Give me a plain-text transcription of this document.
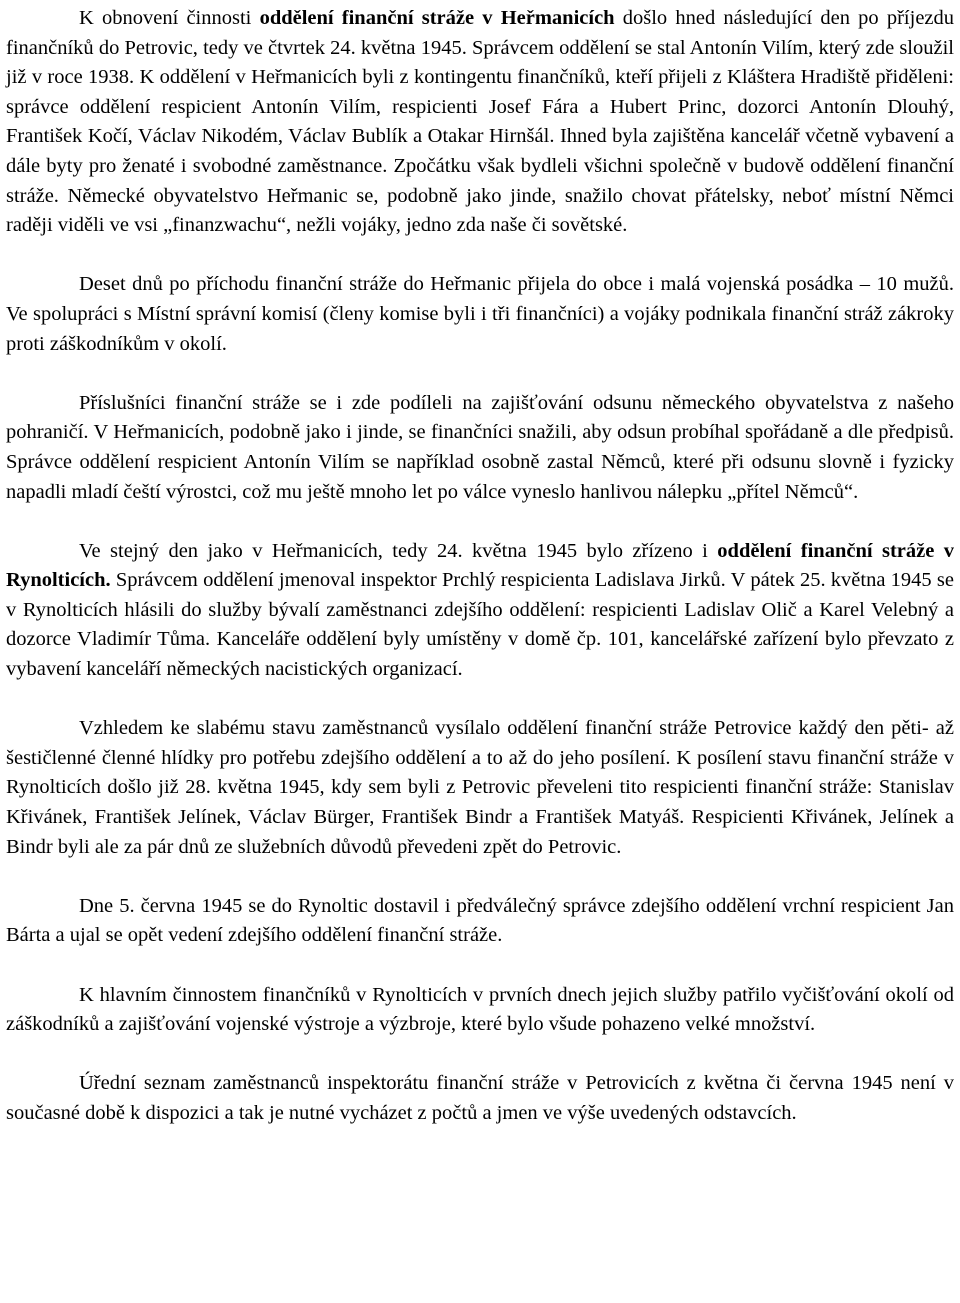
K obnovení činnosti oddělení finanční stráže v Heřmanicích došlo hned následující den po příjezdu finančníků do Petrovic, tedy ve čtvrtek 24. května 1945. Správcem oddělení se stal Antonín Vilím, který zde sloužil již v roce 1938. K oddělení v Heřmanicích byli z kontingentu finančníků, kteří přijeli z Kláštera Hradiště přiděleni: správce oddělení respicient Antonín Vilím, respicienti Josef Fára a Hubert Princ, dozorci Antonín Dlouhý, František Kočí, Václav Nikodém, Václav Bublík a Otakar Hirnšál. Ihned byla zajištěna kancelář včetně vybavení a dále byty pro ženaté i svobodné zaměstnance. Zpočátku však bydleli všichni společně v budově oddělení finanční stráže. Německé obyvatelstvo Heřmanic se, podobně jako jinde, snažilo chovat přátelsky, neboť místní Němci raději viděli ve vsi „finanzwachu“, nežli vojáky, jedno zda naše či sovětské.

Deset dnů po příchodu finanční stráže do Heřmanic přijela do obce i malá vojenská posádka – 10 mužů. Ve spolupráci s Místní správní komisí (členy komise byli i tři finančníci) a vojáky podnikala finanční stráž zákroky proti záškodníkům v okolí.

Příslušníci finanční stráže se i zde podíleli na zajišťování odsunu německého obyvatelstva z našeho pohraničí. V Heřmanicích, podobně jako i jinde, se finančníci snažili, aby odsun probíhal spořádaně a dle předpisů. Správce oddělení respicient Antonín Vilím se například osobně zastal Němců, které při odsunu slovně i fyzicky napadli mladí čeští výrostci, což mu ještě mnoho let po válce vyneslo hanlivou nálepku „přítel Němců“.

Ve stejný den jako v Heřmanicích, tedy 24. května 1945 bylo zřízeno i oddělení finanční stráže v Rynolticích. Správcem oddělení jmenoval inspektor Prchlý respicienta Ladislava Jirků. V pátek 25. května 1945 se v Rynolticích hlásili do služby bývalí zaměstnanci zdejšího oddělení: respicienti Ladislav Olič a Karel Velebný a dozorce Vladimír Tůma. Kanceláře oddělení byly umístěny v domě čp. 101, kancelářské zařízení bylo převzato z vybavení kanceláří německých nacistických organizací.

Vzhledem ke slabému stavu zaměstnanců vysílalo oddělení finanční stráže Petrovice každý den pěti- až šestičlenné členné hlídky pro potřebu zdejšího oddělení a to až do jeho posílení. K posílení stavu finanční stráže v Rynolticích došlo již 28. května 1945, kdy sem byli z Petrovic převeleni tito respicienti finanční stráže: Stanislav Křivánek, František Jelínek, Václav Bürger, František Bindr a František Matyáš. Respicienti Křivánek, Jelínek a Bindr byli ale za pár dnů ze služebních důvodů převedeni zpět do Petrovic.

Dne 5. června 1945 se do Rynoltic dostavil i předválečný správce zdejšího oddělení vrchní respicient Jan Bárta a ujal se opět vedení zdejšího oddělení finanční stráže.

K hlavním činnostem finančníků v Rynolticích v prvních dnech jejich služby patřilo vyčišťování okolí od záškodníků a zajišťování vojenské výstroje a výzbroje, které bylo všude pohazeno velké množství.

Úřední seznam zaměstnanců inspektorátu finanční stráže v Petrovicích z května či června 1945 není v současné době k dispozici a tak je nutné vycházet z počtů a jmen ve výše uvedených odstavcích.
